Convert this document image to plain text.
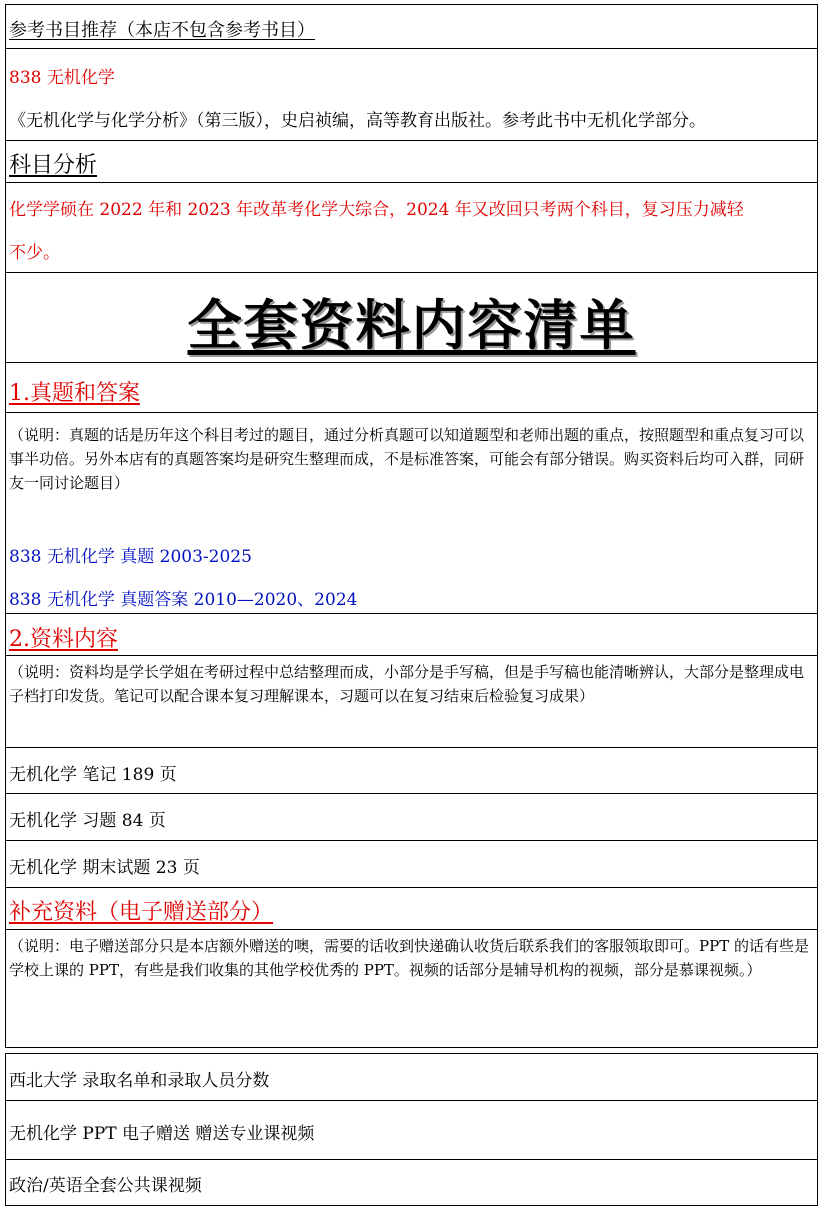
参考书目推荐（本店不包含参考书目）
838 无机化学
《无机化学与化学分析》（第三版），史启祯编，高等教育出版社。参考此书中无机化学部分。
科目分析
化学学硕在 2022 年和 2023 年改革考化学大综合，2024 年又改回只考两个科目，复习压力减轻
不少。
全套资料内容清单
1.真题和答案
（说明：真题的话是历年这个科目考过的题目，通过分析真题可以知道题型和老师出题的重点，按照题型和重点复习可以事半功倍。另外本店有的真题答案均是研究生整理而成，不是标准答案，可能会有部分错误。购买资料后均可入群，同研友一同讨论题目）
838 无机化学 真题 2003-2025
838 无机化学 真题答案 2010—2020、2024
2.资料内容
（说明：资料均是学长学姐在考研过程中总结整理而成，小部分是手写稿，但是手写稿也能清晰辨认，大部分是整理成电子档打印发货。笔记可以配合课本复习理解课本，习题可以在复习结束后检验复习成果）
无机化学 笔记 189 页
无机化学 习题 84 页
无机化学 期末试题 23 页
补充资料（电子赠送部分）
（说明：电子赠送部分只是本店额外赠送的噢，需要的话收到快递确认收货后联系我们的客服领取即可。PPT 的话有些是学校上课的 PPT，有些是我们收集的其他学校优秀的 PPT。视频的话部分是辅导机构的视频，部分是慕课视频。）
西北大学 录取名单和录取人员分数
无机化学 PPT 电子赠送 赠送专业课视频
政治/英语全套公共课视频
